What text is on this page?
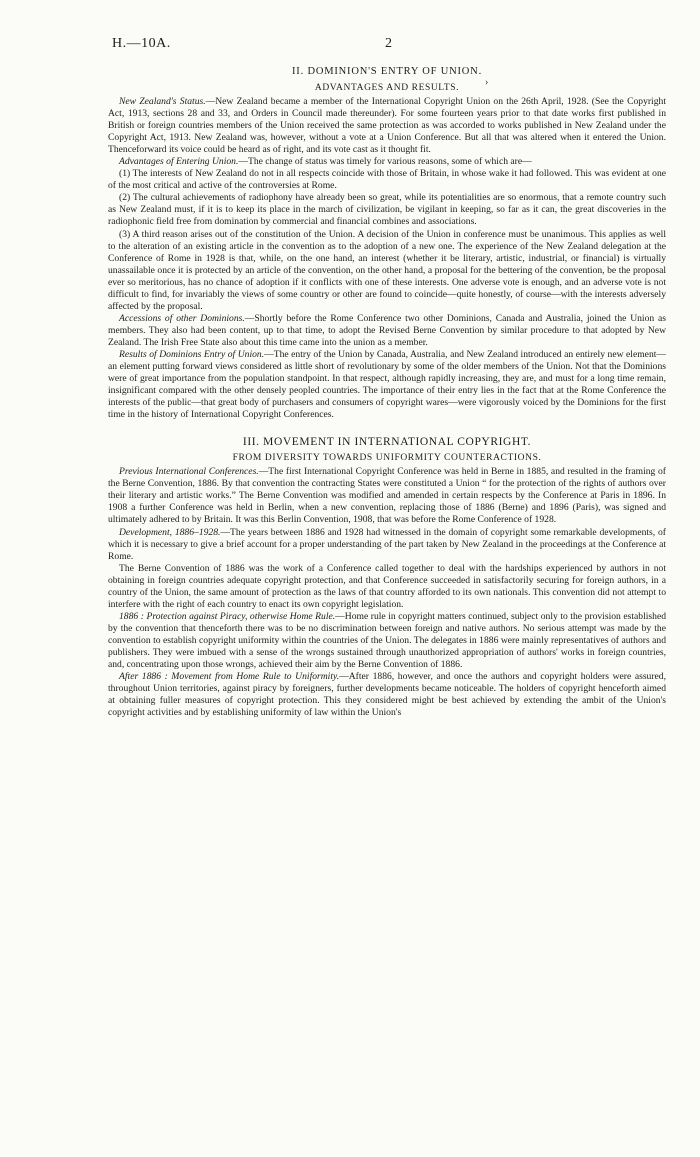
H.—10A.	2
›
II. DOMINION'S ENTRY OF UNION.
ADVANTAGES AND RESULTS.

New Zealand's Status.—New Zealand became a member of the International Copyright Union on the 26th April, 1928. (See the Copyright Act, 1913, sections 28 and 33, and Orders in Council made thereunder). For some fourteen years prior to that date works first published in British or foreign countries members of the Union received the same protection as was accorded to works published in New Zealand under the Copyright Act, 1913. New Zealand was, however, without a vote at a Union Conference. But all that was altered when it entered the Union. Thenceforward its voice could be heard as of right, and its vote cast as it thought fit.

Advantages of Entering Union.—The change of status was timely for various reasons, some of which are—

(1) The interests of New Zealand do not in all respects coincide with those of Britain, in whose wake it had followed. This was evident at one of the most critical and active of the controversies at Rome.

(2) The cultural achievements of radiophony have already been so great, while its potentialities are so enormous, that a remote country such as New Zealand must, if it is to keep its place in the march of civilization, be vigilant in keeping, so far as it can, the great discoveries in the radiophonic field free from domination by commercial and financial combines and associations.

(3) A third reason arises out of the constitution of the Union. A decision of the Union in conference must be unanimous. This applies as well to the alteration of an existing article in the convention as to the adoption of a new one. The experience of the New Zealand delegation at the Conference of Rome in 1928 is that, while, on the one hand, an interest (whether it be literary, artistic, industrial, or financial) is virtually unassailable once it is protected by an article of the convention, on the other hand, a proposal for the bettering of the convention, be the proposal ever so meritorious, has no chance of adoption if it conflicts with one of these interests. One adverse vote is enough, and an adverse vote is not difficult to find, for invariably the views of some country or other are found to coincide—quite honestly, of course—with the interests adversely affected by the proposal.

Accessions of other Dominions.—Shortly before the Rome Conference two other Dominions, Canada and Australia, joined the Union as members. They also had been content, up to that time, to adopt the Revised Berne Convention by similar procedure to that adopted by New Zealand. The Irish Free State also about this time came into the union as a member.

Results of Dominions Entry of Union.—The entry of the Union by Canada, Australia, and New Zealand introduced an entirely new element—an element putting forward views considered as little short of revolutionary by some of the older members of the Union. Not that the Dominions were of great importance from the population standpoint. In that respect, although rapidly increasing, they are, and must for a long time remain, insignificant compared with the other densely peopled countries. The importance of their entry lies in the fact that at the Rome Conference the interests of the public—that great body of purchasers and consumers of copyright wares—were vigorously voiced by the Dominions for the first time in the history of International Copyright Conferences.

III. MOVEMENT IN INTERNATIONAL COPYRIGHT.
FROM DIVERSITY TOWARDS UNIFORMITY COUNTERACTIONS.

Previous International Conferences.—The first International Copyright Conference was held in Berne in 1885, and resulted in the framing of the Berne Convention, 1886. By that convention the contracting States were constituted a Union “ for the protection of the rights of authors over their literary and artistic works.” The Berne Convention was modified and amended in certain respects by the Conference at Paris in 1896. In 1908 a further Conference was held in Berlin, when a new convention, replacing those of 1886 (Berne) and 1896 (Paris), was signed and ultimately adhered to by Britain. It was this Berlin Convention, 1908, that was before the Rome Conference of 1928.

Development, 1886–1928.—The years between 1886 and 1928 had witnessed in the domain of copyright some remarkable developments, of which it is necessary to give a brief account for a proper understanding of the part taken by New Zealand in the proceedings at the Conference at Rome.

The Berne Convention of 1886 was the work of a Conference called together to deal with the hardships experienced by authors in not obtaining in foreign countries adequate copyright protection, and that Conference succeeded in satisfactorily securing for foreign authors, in a country of the Union, the same amount of protection as the laws of that country afforded to its own nationals. This convention did not attempt to interfere with the right of each country to enact its own copyright legislation.

1886 : Protection against Piracy, otherwise Home Rule.—Home rule in copyright matters continued, subject only to the provision established by the convention that thenceforth there was to be no discrimination between foreign and native authors. No serious attempt was made by the convention to establish copyright uniformity within the countries of the Union. The delegates in 1886 were mainly representatives of authors and publishers. They were imbued with a sense of the wrongs sustained through unauthorized appropriation of authors' works in foreign countries, and, concentrating upon those wrongs, achieved their aim by the Berne Convention of 1886.

After 1886 : Movement from Home Rule to Uniformity.—After 1886, however, and once the authors and copyright holders were assured, throughout Union territories, against piracy by foreigners, further developments became noticeable. The holders of copyright henceforth aimed at obtaining fuller measures of copyright protection. This they considered might be best achieved by extending the ambit of the Union's copyright activities and by establishing uniformity of law within the Union's
